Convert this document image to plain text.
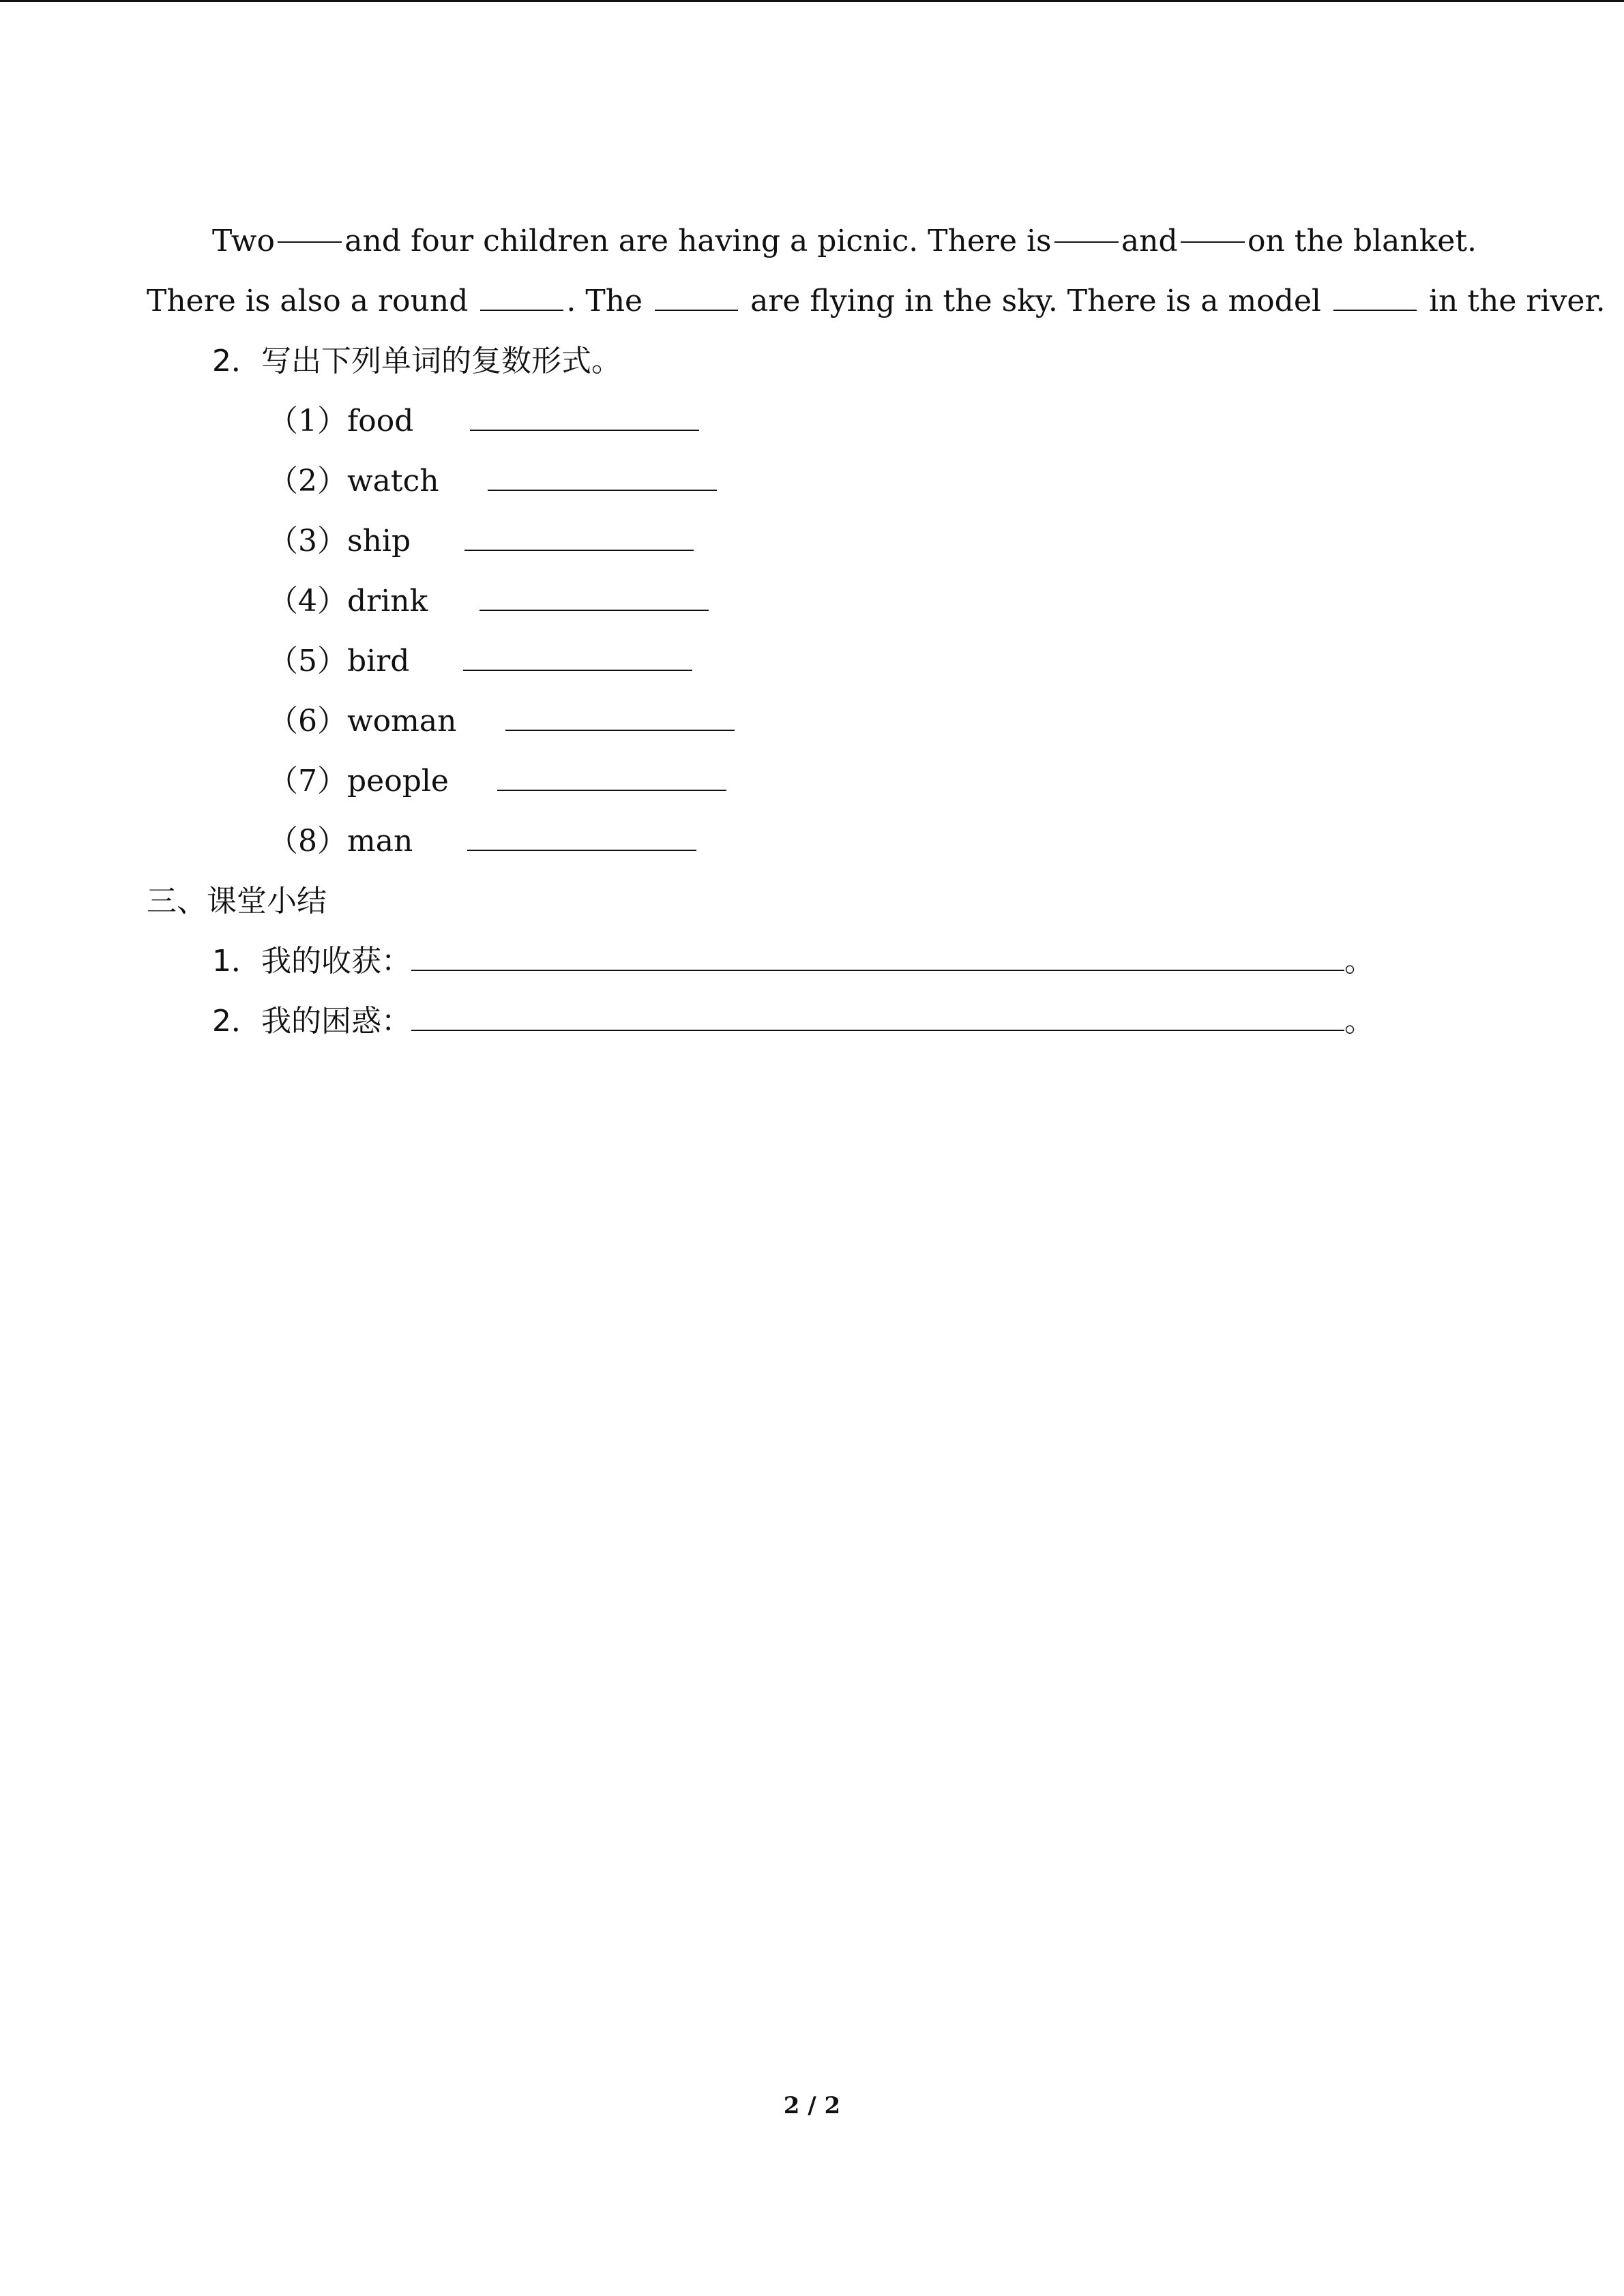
Two and four children are having a picnic. There is and on the blanket.
There is also a round	. The	are flying in the sky. There is a model	in the river.
2．写出下列单词的复数形式。
（1）food
（2）watch
（3）ship
（4）drink
（5）bird
（6）woman
（7）people
（8）man
三、课堂小结
1．我的收获：	。
2．我的困惑：	。
2 / 2
